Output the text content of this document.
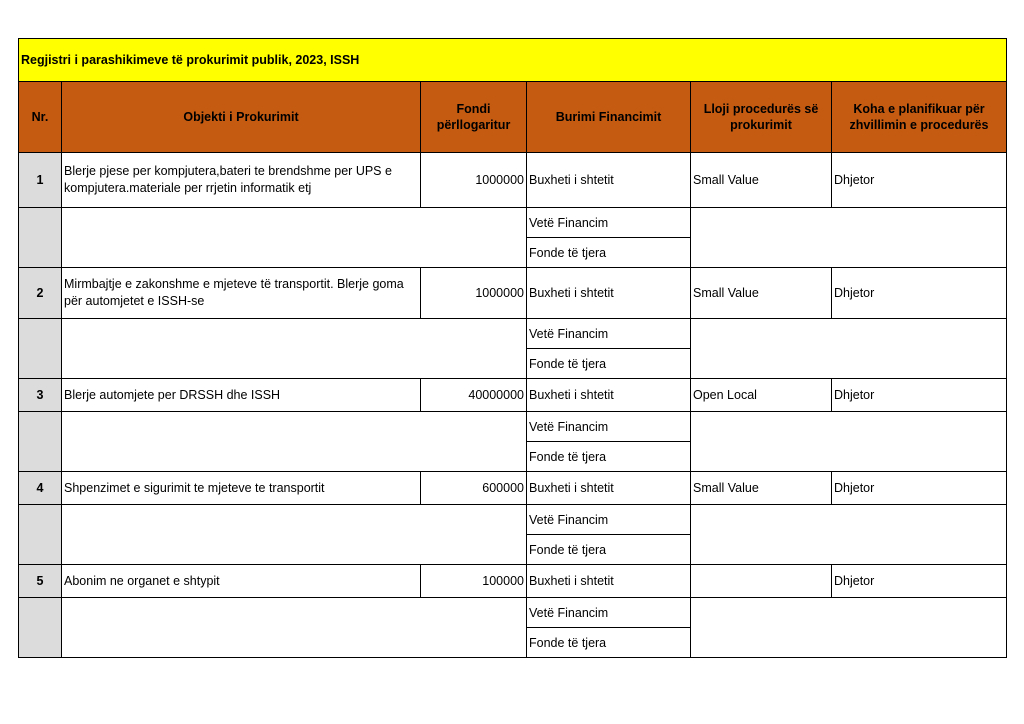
Regjistri i parashikimeve të prokurimit publik, 2023, ISSH					
Nr.	Objekti i Prokurimit	Fondi përllogaritur	Burimi Financimit	Lloji procedurës së prokurimit	Koha e planifikuar për zhvillimin e procedurës
1	Blerje pjese per kompjutera,bateri te brendshme per UPS e kompjutera.materiale per rrjetin informatik etj	1000000	Buxheti i shtetit	Small Value	Dhjetor
			Vetë Financim		
			Fonde të tjera		
2	Mirmbajtje e zakonshme e mjeteve të transportit. Blerje goma për automjetet e ISSH-se	1000000	Buxheti i shtetit	Small Value	Dhjetor
			Vetë Financim		
			Fonde të tjera		
3	Blerje automjete per DRSSH dhe ISSH	40000000	Buxheti i shtetit	Open Local	Dhjetor
			Vetë Financim		
			Fonde të tjera		
4	Shpenzimet e sigurimit te mjeteve te transportit	600000	Buxheti i shtetit	Small Value	Dhjetor
			Vetë Financim		
			Fonde të tjera		
5	Abonim ne organet e shtypit	100000	Buxheti i shtetit		Dhjetor
			Vetë Financim		
			Fonde të tjera		
